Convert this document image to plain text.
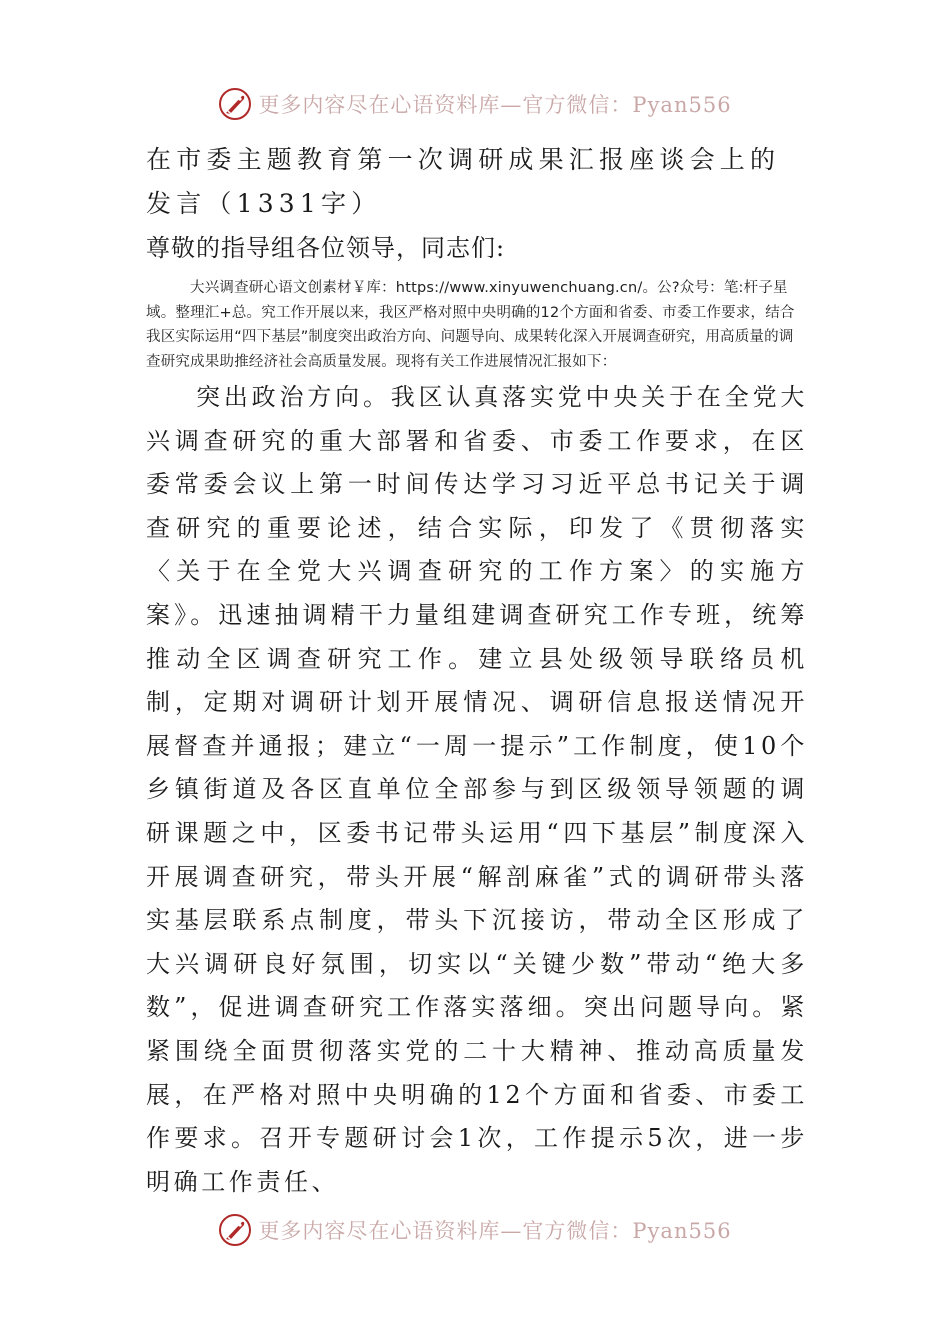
更多内容尽在心语资料库—官方微信：Pyan556
在市委主题教育第一次调研成果汇报座谈会上的发言（1331字）

尊敬的指导组各位领导，同志们:

大兴调查研心语文创素材￥库：https://www.xinyuwenchuang.cn/。公?众号：笔:杆子星域。整理汇+总。究工作开展以来，我区严格对照中央明确的12个方面和省委、市委工作要求，结合我区实际运用“四下基层”制度突出政治方向、问题导向、成果转化深入开展调查研究，用高质量的调查研究成果助推经济社会高质量发展。现将有关工作进展情况汇报如下：

突出政治方向。我区认真落实党中央关于在全党大兴调查研究的重大部署和省委、市委工作要求，在区委常委会议上第一时间传达学习习近平总书记关于调查研究的重要论述，结合实际，印发了《贯彻落实〈关于在全党大兴调查研究的工作方案〉的实施方案》。迅速抽调精干力量组建调查研究工作专班，统筹推动全区调查研究工作。建立县处级领导联络员机制，定期对调研计划开展情况、调研信息报送情况开展督查并通报；建立“一周一提示”工作制度，使10个乡镇街道及各区直单位全部参与到区级领导领题的调研课题之中，区委书记带头运用“四下基层”制度深入开展调查研究，带头开展“解剖麻雀”式的调研带头落实基层联系点制度，带头下沉接访，带动全区形成了大兴调研良好氛围，切实以“关键少数”带动“绝大多数”，促进调查研究工作落实落细。突出问题导向。紧紧围绕全面贯彻落实党的二十大精神、推动高质量发展，在严格对照中央明确的12个方面和省委、市委工作要求。召开专题研讨会1次，工作提示5次，进一步明确工作责任、

更多内容尽在心语资料库—官方微信：Pyan556
